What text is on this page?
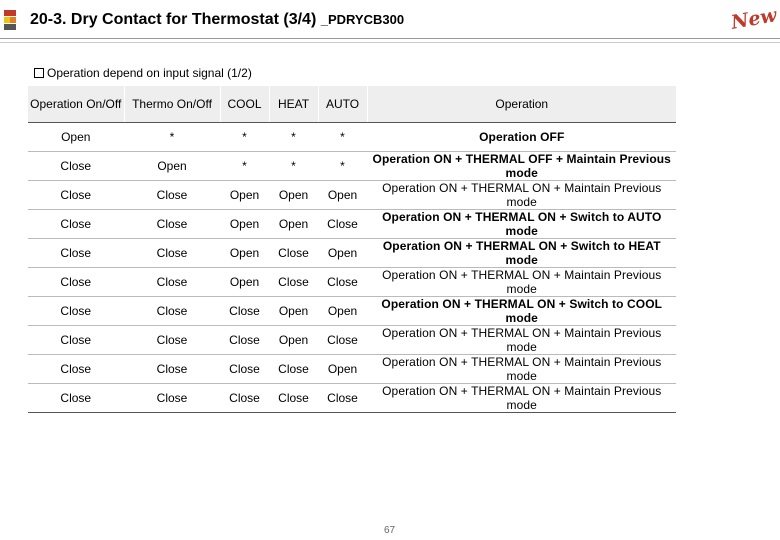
20-3. Dry Contact for Thermostat (3/4) _PDRYCB300	New
Operation depend on input signal (1/2)
Operation On/Off	Thermo On/Off	COOL	HEAT	AUTO	Operation
Open	*	*	*	*	Operation OFF
Close	Open	*	*	*	Operation ON + THERMAL OFF + Maintain Previous mode
Close	Close	Open	Open	Open	Operation ON + THERMAL ON + Maintain Previous mode
Close	Close	Open	Open	Close	Operation ON + THERMAL ON + Switch to AUTO mode
Close	Close	Open	Close	Open	Operation ON + THERMAL ON + Switch to HEAT mode
Close	Close	Open	Close	Close	Operation ON + THERMAL ON + Maintain Previous mode
Close	Close	Close	Open	Open	Operation ON + THERMAL ON + Switch to COOL mode
Close	Close	Close	Open	Close	Operation ON + THERMAL ON + Maintain Previous mode
Close	Close	Close	Close	Open	Operation ON + THERMAL ON + Maintain Previous mode
Close	Close	Close	Close	Close	Operation ON + THERMAL ON + Maintain Previous mode
67
